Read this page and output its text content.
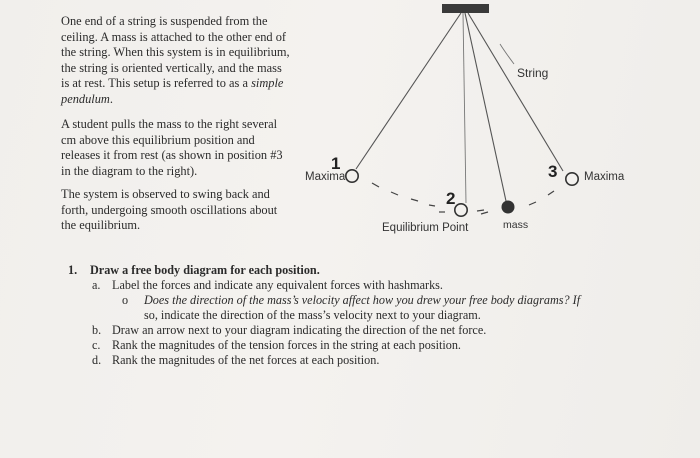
One end of a string is suspended from the ceiling. A mass is attached to the other end of the string. When this system is in equilibrium, the string is oriented vertically, and the mass is at rest. This setup is referred to as a simple pendulum.

A student pulls the mass to the right several cm above this equilibrium position and releases it from rest (as shown in position #3 in the diagram to the right).

The system is observed to swing back and forth, undergoing smooth oscillations about the equilibrium.

String
Maxima	Maxima
1
2
3
Equilibrium Point	mass
1. Draw a free body diagram for each position.
a. Label the forces and indicate any equivalent forces with hashmarks.
o Does the direction of the mass’s velocity affect how you drew your free body diagrams? If
so, indicate the direction of the mass’s velocity next to your diagram.
b. Draw an arrow next to your diagram indicating the direction of the net force.
c. Rank the magnitudes of the tension forces in the string at each position.
d. Rank the magnitudes of the net forces at each position.
